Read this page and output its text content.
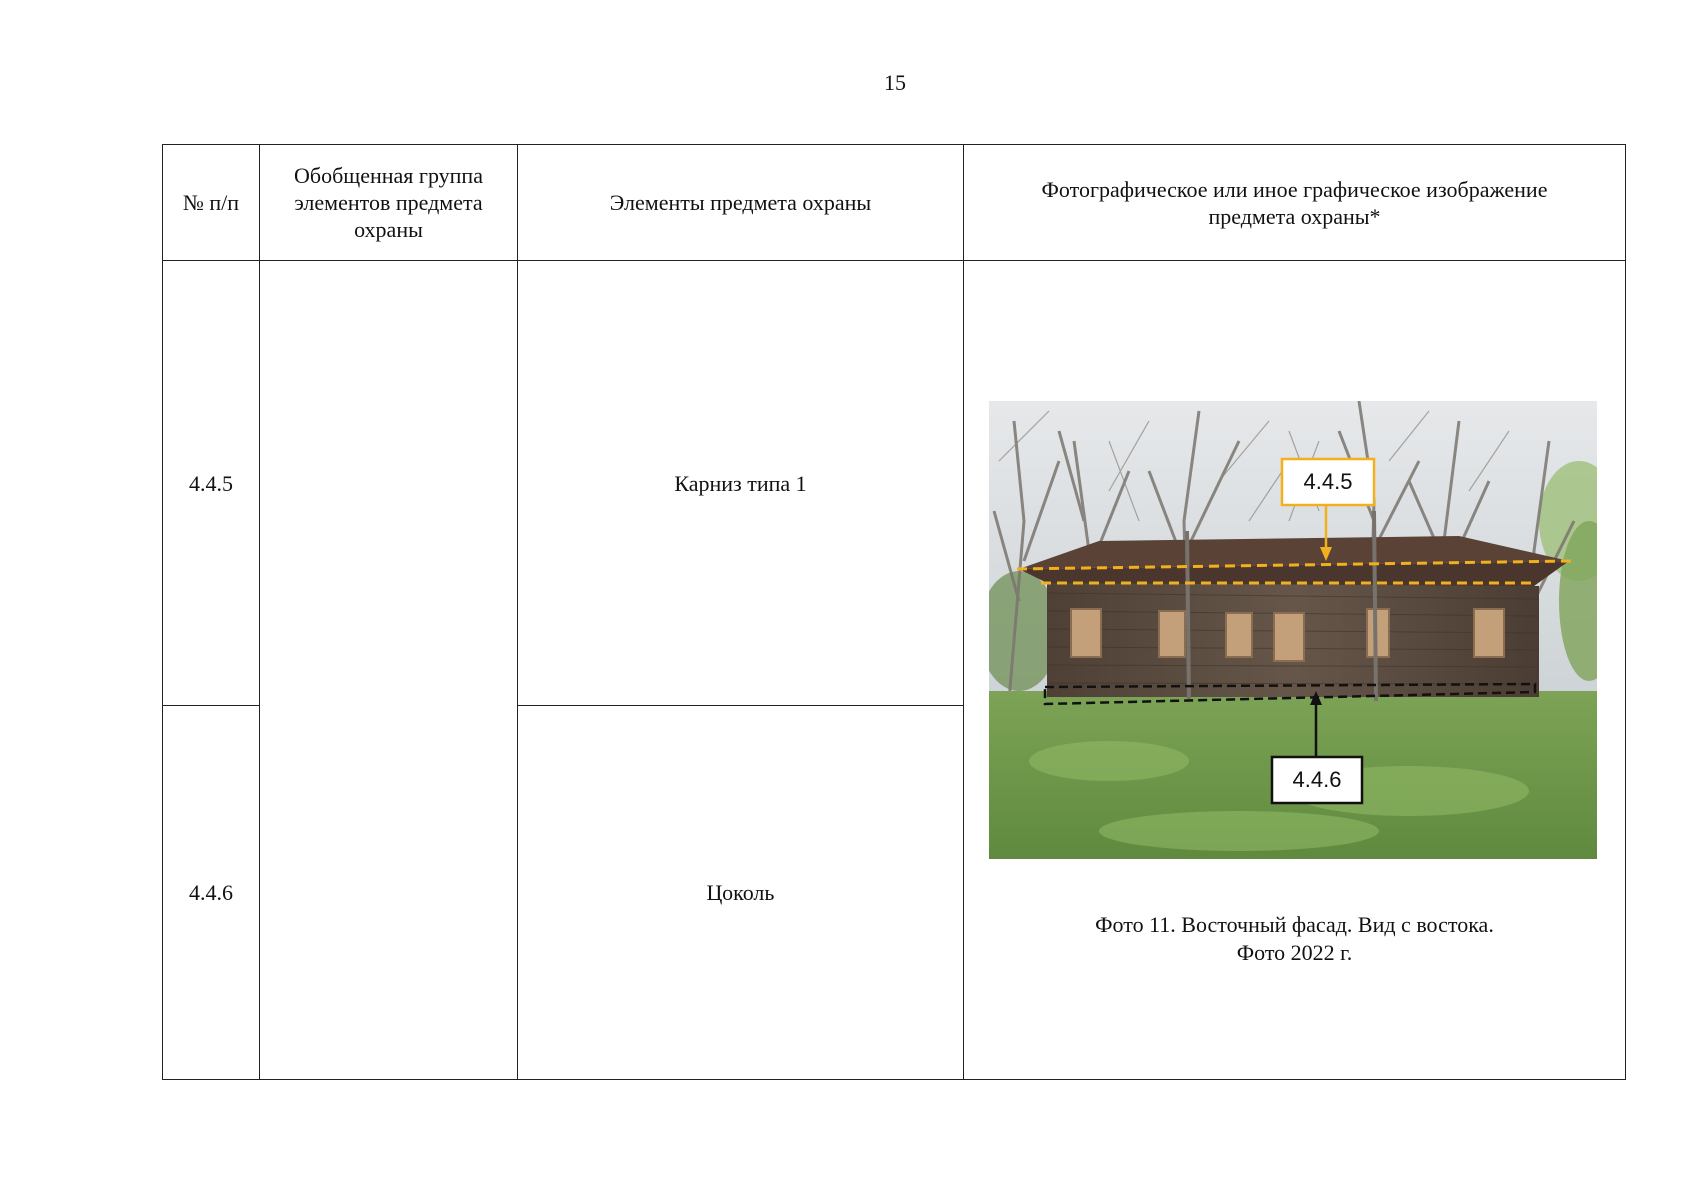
15
№ п/п	Обобщенная группа элементов предмета охраны	Элементы предмета охраны	Фотографическое или иное графическое изображение предмета охраны*
4.4.5		Карниз типа 1	4.4.5
4.4.6
Фото 11. Восточный фасад. Вид с востока.
Фото 2022 г.

4.4.6		Цоколь	
